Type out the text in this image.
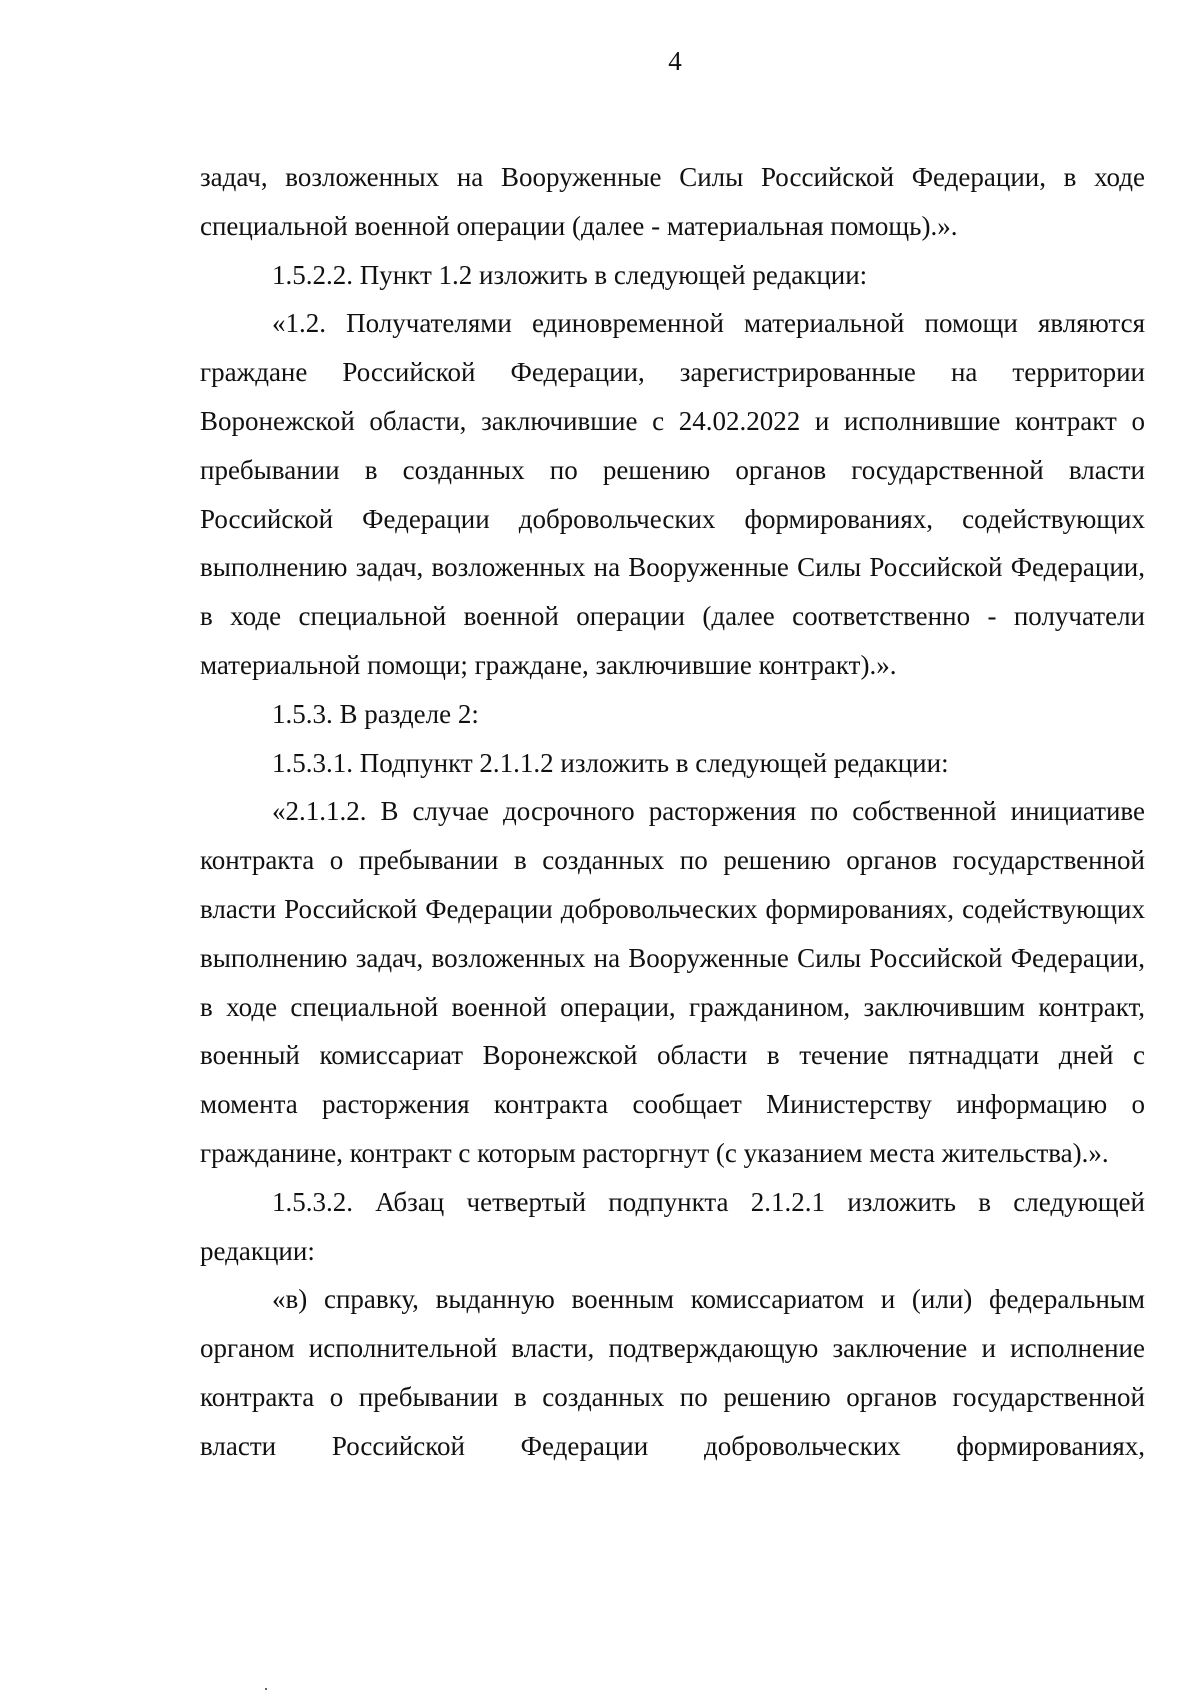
4

задач, возложенных на Вооруженные Силы Российской Федерации, в ходе специальной военной операции (далее - материальная помощь).».

1.5.2.2. Пункт 1.2 изложить в следующей редакции:

«1.2. Получателями единовременной материальной помощи являются граждане Российской Федерации, зарегистрированные на территории Воронежской области, заключившие с 24.02.2022 и исполнившие контракт о пребывании в созданных по решению органов государственной власти Российской Федерации добровольческих формированиях, содействующих выполнению задач, возложенных на Вооруженные Силы Российской Федерации, в ходе специальной военной операции (далее соответственно - получатели материальной помощи; граждане, заключившие контракт).».

1.5.3. В разделе 2:

1.5.3.1. Подпункт 2.1.1.2 изложить в следующей редакции:

«2.1.1.2. В случае досрочного расторжения по собственной инициативе контракта о пребывании в созданных по решению органов государственной власти Российской Федерации добровольческих формированиях, содействующих выполнению задач, возложенных на Вооруженные Силы Российской Федерации, в ходе специальной военной операции, гражданином, заключившим контракт, военный комиссариат Воронежской области в течение пятнадцати дней с момента расторжения контракта сообщает Министерству информацию о гражданине, контракт с которым расторгнут (с указанием места жительства).».

1.5.3.2. Абзац четвертый подпункта 2.1.2.1 изложить в следующей редакции:

«в) справку, выданную военным комиссариатом и (или) федеральным органом исполнительной власти, подтверждающую заключение и исполнение контракта о пребывании в созданных по решению органов государственной власти Российской Федерации добровольческих формированиях,
